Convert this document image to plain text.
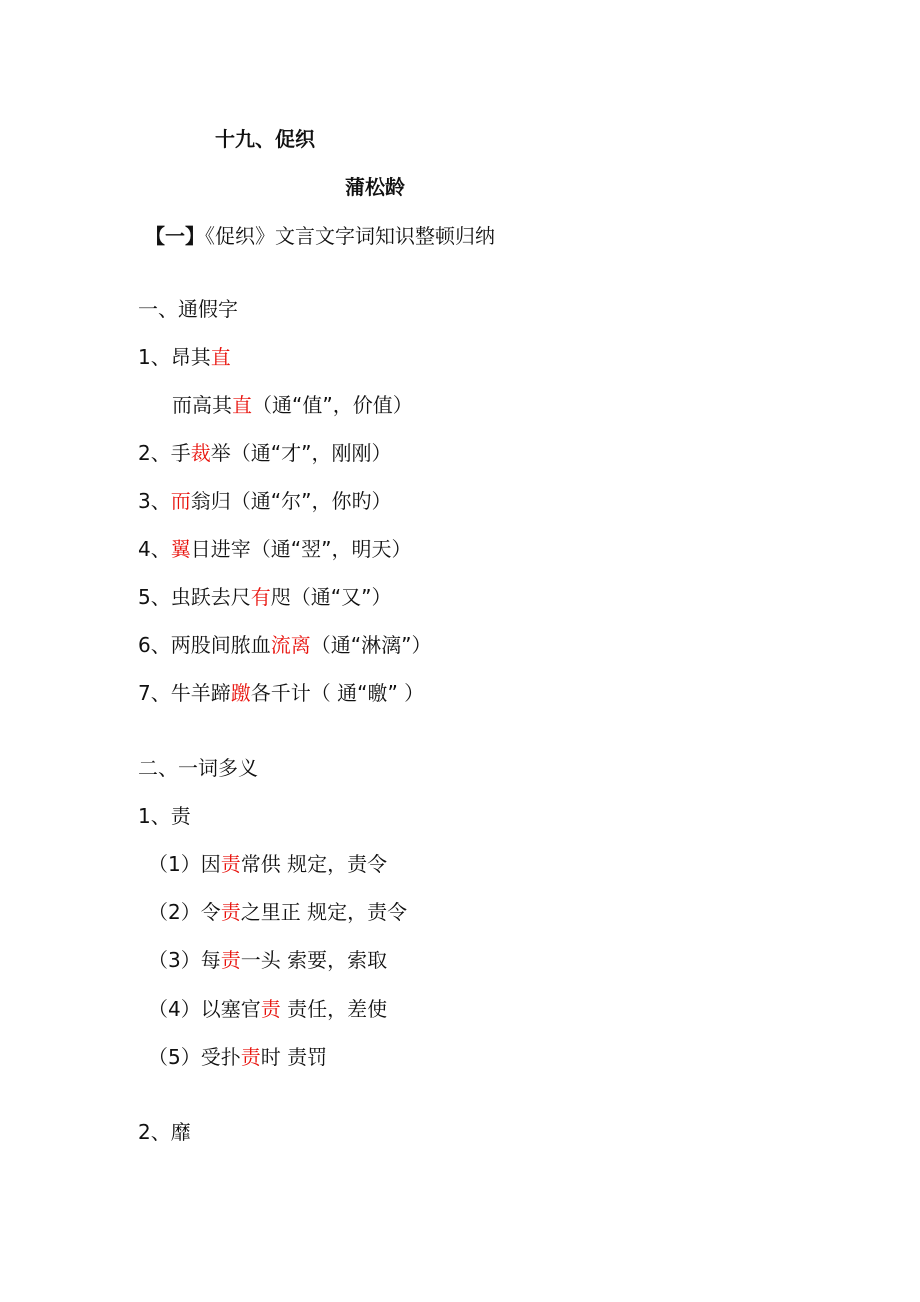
十九、促织
蒲松龄
【一】《促织》文言文字词知识整顿归纳
一、通假字
1、昂其直
而高其直（通“值”，价值）
2、手裁举（通“才”，刚刚）
3、而翁归（通“尔”，你旳）
4、翼日进宰（通“翌”，明天）
5、虫跃去尺有咫（通“又”）
6、两股间脓血流离（通“淋漓”）
7、牛羊蹄躈各千计（ 通“曒” ）
二、一词多义
1、责
（1）因责常供 规定，责令
（2）令责之里正 规定，责令
（3）每责一头 索要，索取
（4）以塞官责 责任，差使
（5）受扑责时 责罚
2、靡
